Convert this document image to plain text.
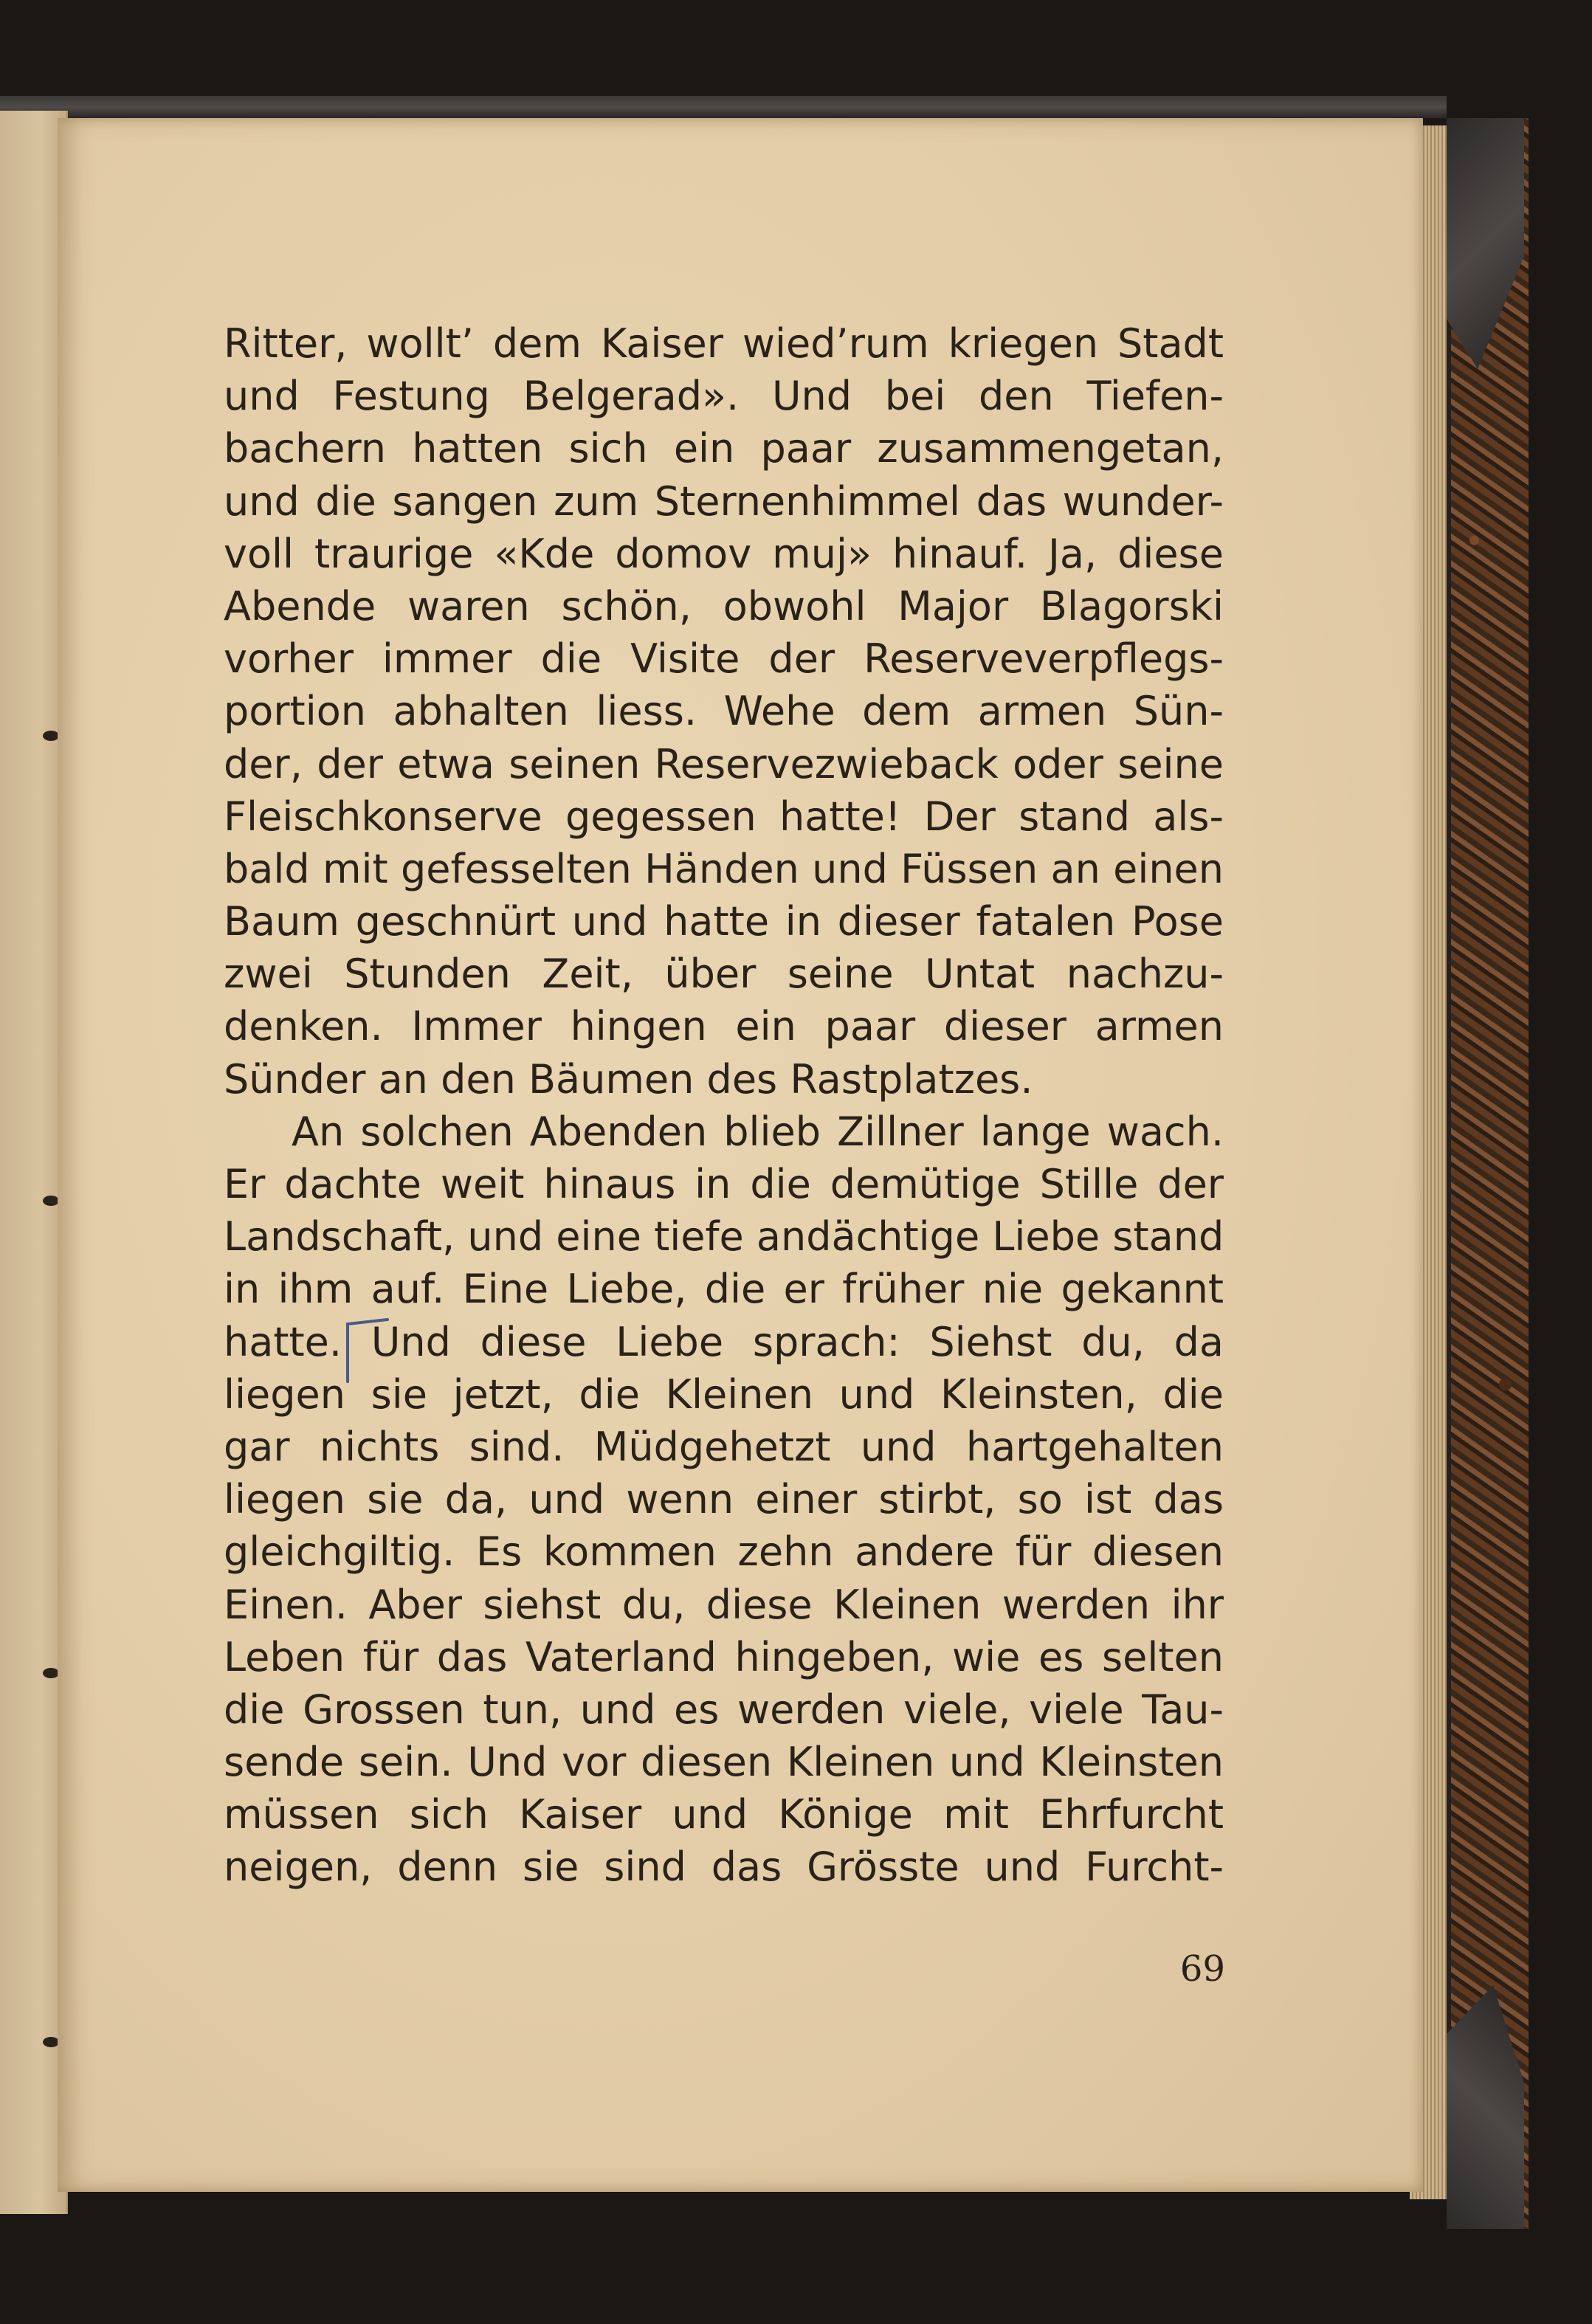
Ritter, wollt’ dem Kaiser wied’rum kriegen Stadt
und Festung Belgerad». Und bei den Tiefen-
bachern hatten sich ein paar zusammengetan,
und die sangen zum Sternenhimmel das wunder-
voll traurige «Kde domov muj» hinauf. Ja, diese
Abende waren schön, obwohl Major Blagorski
vorher immer die Visite der Reserveverpflegs-
portion abhalten liess. Wehe dem armen Sün-
der, der etwa seinen Reservezwieback oder seine
Fleischkonserve gegessen hatte! Der stand als-
bald mit gefesselten Händen und Füssen an einen
Baum geschnürt und hatte in dieser fatalen Pose
zwei Stunden Zeit, über seine Untat nachzu-
denken. Immer hingen ein paar dieser armen
Sünder an den Bäumen des Rastplatzes.
An solchen Abenden blieb Zillner lange wach.
Er dachte weit hinaus in die demütige Stille der
Landschaft, und eine tiefe andächtige Liebe stand
in ihm auf. Eine Liebe, die er früher nie gekannt
hatte. Und diese Liebe sprach: Siehst du, da
liegen sie jetzt, die Kleinen und Kleinsten, die
gar nichts sind. Müdgehetzt und hartgehalten
liegen sie da, und wenn einer stirbt, so ist das
gleichgiltig. Es kommen zehn andere für diesen
Einen. Aber siehst du, diese Kleinen werden ihr
Leben für das Vaterland hingeben, wie es selten
die Grossen tun, und es werden viele, viele Tau-
sende sein. Und vor diesen Kleinen und Kleinsten
müssen sich Kaiser und Könige mit Ehrfurcht
neigen, denn sie sind das Grösste und Furcht-
69
